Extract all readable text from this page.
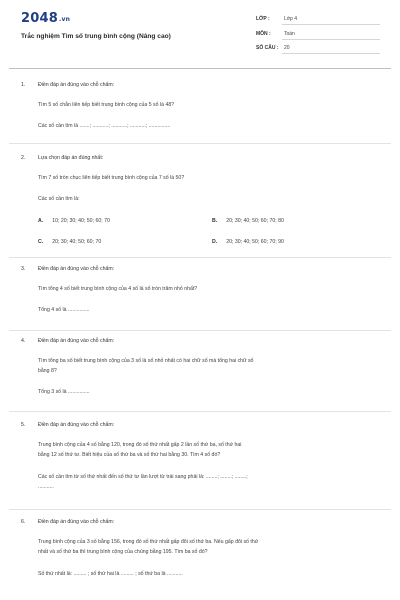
2048.vn
Trắc nghiệm Tìm số trung bình cộng (Nâng cao)
LỚP :	Lớp 4
MÔN :	Toán
SỐ CÂU : 20
1. Điền đáp án đúng vào chỗ chấm:
Tìm 5 số chẵn liên tiếp biết trung bình cộng của 5 số là 48?
Các số cần tìm là .......; ...........; ...........; ...........; ...............
2. Lựa chọn đáp án đúng nhất:
Tìm 7 số tròn chục liên tiếp biết trung bình cộng của 7 số là 50?
Các số cần tìm là:
A. 10; 20; 30; 40; 50; 60; 70	B. 20; 30; 40; 50; 60; 70; 80
C. 20; 30; 40; 50; 60; 70	D. 20; 30; 40; 50; 60; 70; 90
3. Điền đáp án đúng vào chỗ chấm:
Tìm tổng 4 số biết trung bình cộng của 4 số là số tròn trăm nhỏ nhất?
Tổng 4 số là ...............
4. Điền đáp án đúng vào chỗ chấm:
Tìm tổng ba số biết trung bình cộng của 3 số là số nhỏ nhất có hai chữ số mà tổng hai chữ số
bằng 8?
Tổng 3 số là ...............
5. Điền đáp án đúng vào chỗ chấm:
Trung bình cộng của 4 số bằng 120, trong đó số thứ nhất gấp 2 lần số thứ ba, số thứ hai
bằng 12 số thứ tư. Biết hiệu của số thứ ba và số thứ hai bằng 30. Tìm 4 số đó?
Các số cần tìm từ số thứ nhất đến số thứ tư lần lượt từ trái sang phải là: ........; ........; ........;
...........
6. Điền đáp án đúng vào chỗ chấm:
Trung bình cộng của 3 số bằng 156, trong đó số thứ nhất gấp đôi số thứ ba. Nếu gấp đôi số thứ
nhất và số thứ ba thì trung bình cộng của chúng bằng 195. Tìm ba số đó?
Số thứ nhất là: ......... ; số thứ hai là ......... ; số thứ ba là ...........
